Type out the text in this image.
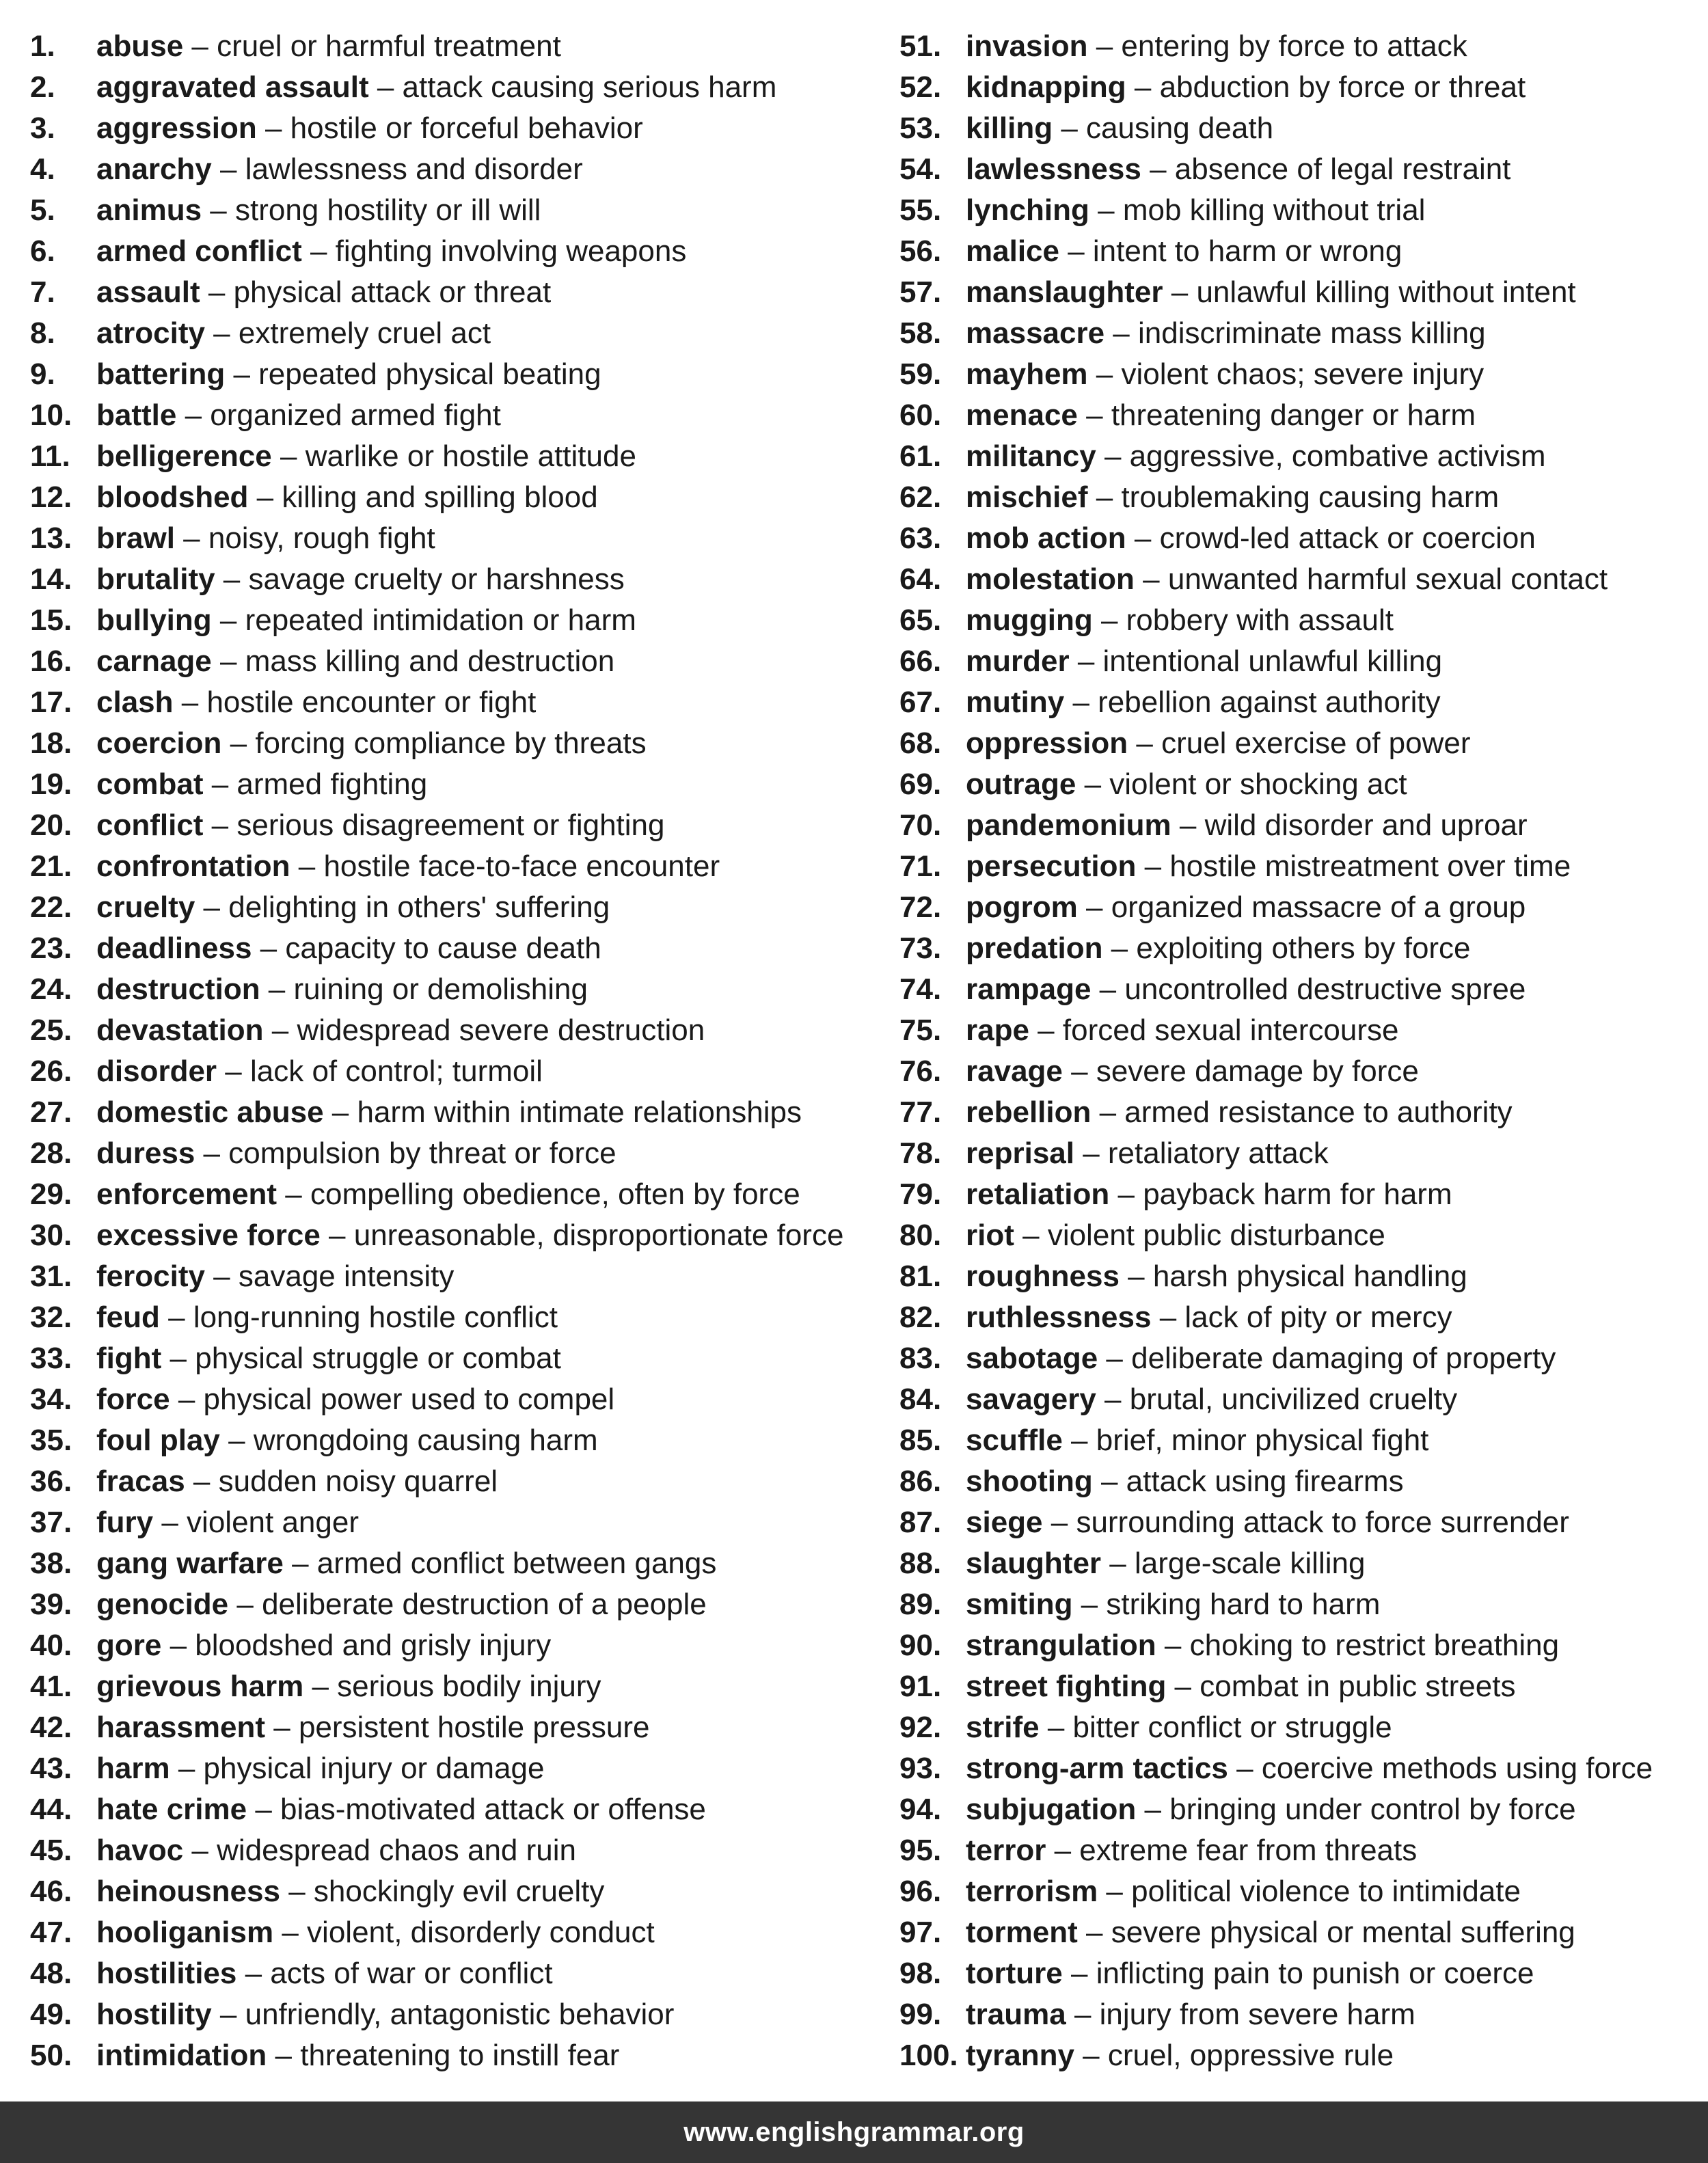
1.	abuse – cruel or harmful treatment
2.	aggravated assault – attack causing serious harm
3.	aggression – hostile or forceful behavior
4.	anarchy – lawlessness and disorder
5.	animus – strong hostility or ill will
6.	armed conflict – fighting involving weapons
7.	assault – physical attack or threat
8.	atrocity – extremely cruel act
9.	battering – repeated physical beating
10. battle – organized armed fight
11. belligerence – warlike or hostile attitude
12. bloodshed – killing and spilling blood
13. brawl – noisy, rough fight
14. brutality – savage cruelty or harshness
15. bullying – repeated intimidation or harm
16. carnage – mass killing and destruction
17. clash – hostile encounter or fight
18. coercion – forcing compliance by threats
19. combat – armed fighting
20. conflict – serious disagreement or fighting
21. confrontation – hostile face-to-face encounter
22. cruelty – delighting in others' suffering
23. deadliness – capacity to cause death
24. destruction – ruining or demolishing
25. devastation – widespread severe destruction
26. disorder – lack of control; turmoil
27. domestic abuse – harm within intimate relationships
28. duress – compulsion by threat or force
29. enforcement – compelling obedience, often by force
30. excessive force – unreasonable, disproportionate force
31. ferocity – savage intensity
32. feud – long-running hostile conflict
33. fight – physical struggle or combat
34. force – physical power used to compel
35. foul play – wrongdoing causing harm
36. fracas – sudden noisy quarrel
37. fury – violent anger
38. gang warfare – armed conflict between gangs
39. genocide – deliberate destruction of a people
40. gore – bloodshed and grisly injury
41. grievous harm – serious bodily injury
42. harassment – persistent hostile pressure
43. harm – physical injury or damage
44. hate crime – bias-motivated attack or offense
45. havoc – widespread chaos and ruin
46. heinousness – shockingly evil cruelty
47. hooliganism – violent, disorderly conduct
48. hostilities – acts of war or conflict
49. hostility – unfriendly, antagonistic behavior
50. intimidation – threatening to instill fear
51. invasion – entering by force to attack
52. kidnapping – abduction by force or threat
53. killing – causing death
54. lawlessness – absence of legal restraint
55. lynching – mob killing without trial
56. malice – intent to harm or wrong
57. manslaughter – unlawful killing without intent
58. massacre – indiscriminate mass killing
59. mayhem – violent chaos; severe injury
60. menace – threatening danger or harm
61. militancy – aggressive, combative activism
62. mischief – troublemaking causing harm
63. mob action – crowd-led attack or coercion
64. molestation – unwanted harmful sexual contact
65. mugging – robbery with assault
66. murder – intentional unlawful killing
67. mutiny – rebellion against authority
68. oppression – cruel exercise of power
69. outrage – violent or shocking act
70. pandemonium – wild disorder and uproar
71. persecution – hostile mistreatment over time
72. pogrom – organized massacre of a group
73. predation – exploiting others by force
74. rampage – uncontrolled destructive spree
75. rape – forced sexual intercourse
76. ravage – severe damage by force
77. rebellion – armed resistance to authority
78. reprisal – retaliatory attack
79. retaliation – payback harm for harm
80. riot – violent public disturbance
81. roughness – harsh physical handling
82. ruthlessness – lack of pity or mercy
83. sabotage – deliberate damaging of property
84. savagery – brutal, uncivilized cruelty
85. scuffle – brief, minor physical fight
86. shooting – attack using firearms
87. siege – surrounding attack to force surrender
88. slaughter – large-scale killing
89. smiting – striking hard to harm
90. strangulation – choking to restrict breathing
91. street fighting – combat in public streets
92. strife – bitter conflict or struggle
93. strong-arm tactics – coercive methods using force
94. subjugation – bringing under control by force
95. terror – extreme fear from threats
96. terrorism – political violence to intimidate
97. torment – severe physical or mental suffering
98. torture – inflicting pain to punish or coerce
99. trauma – injury from severe harm
100. tyranny – cruel, oppressive rule
www.englishgrammar.org
